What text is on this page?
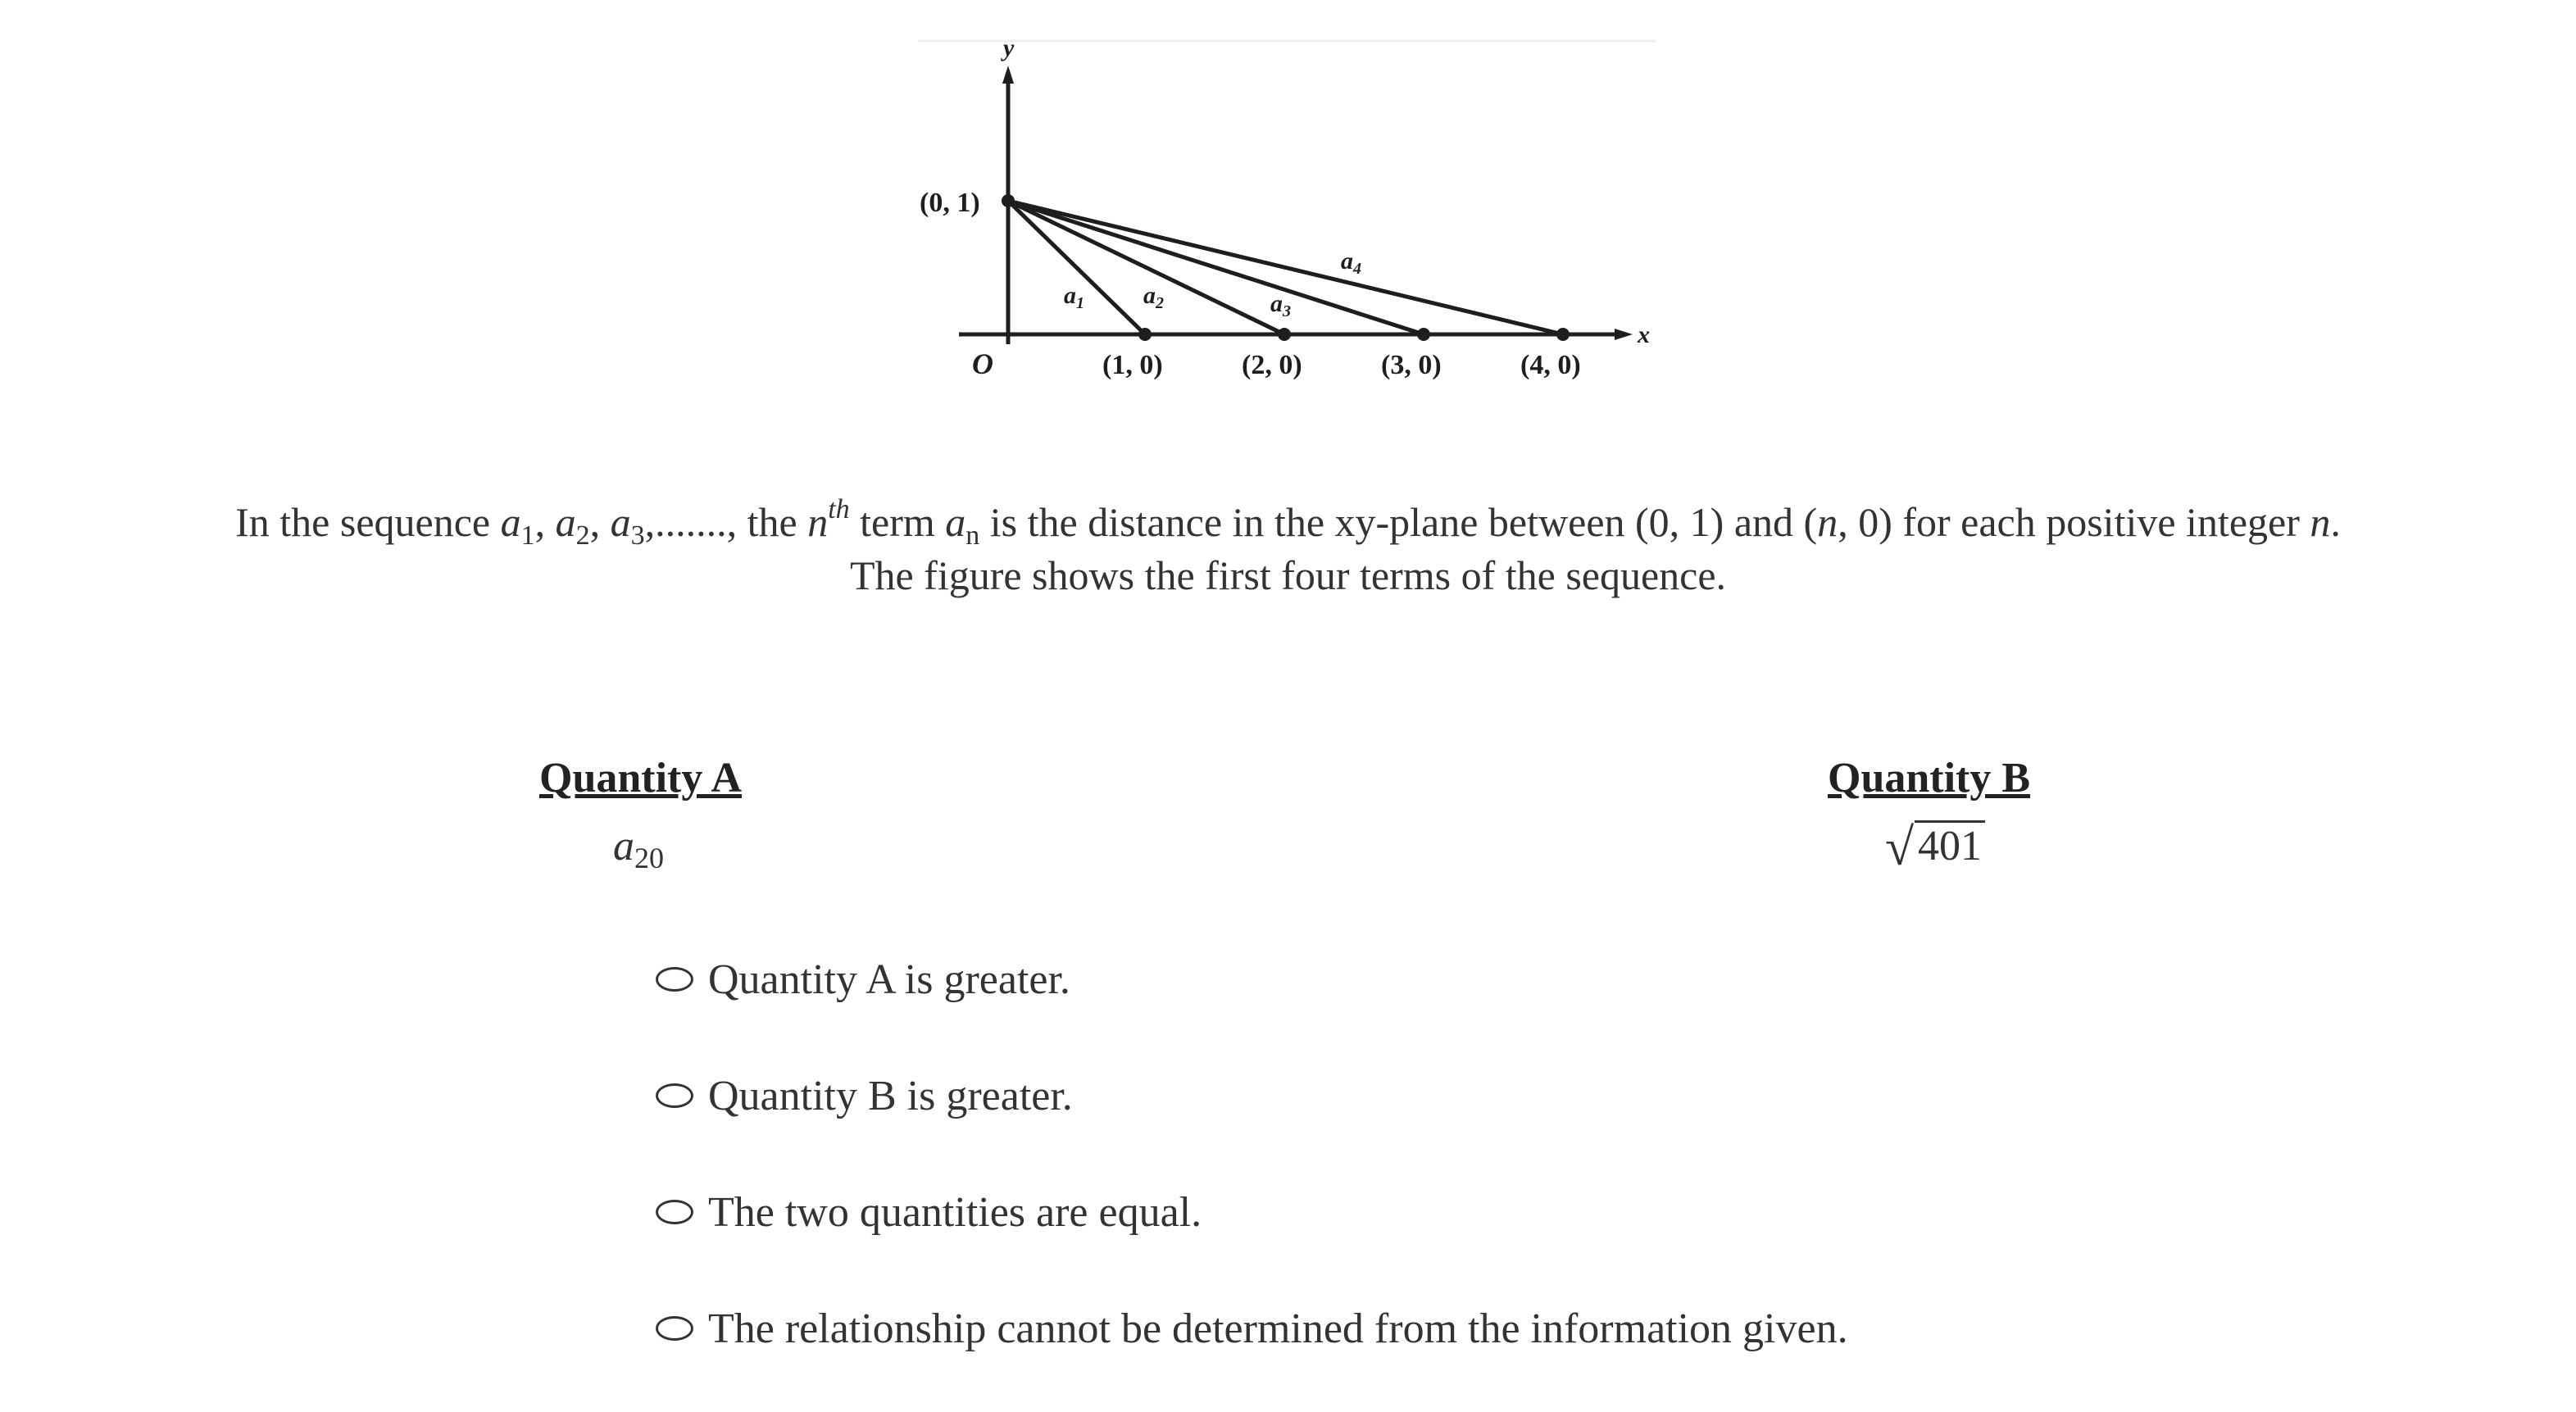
y
x
O
(0, 1)
(1, 0)	(2, 0)	(3, 0)	(4, 0)
$a_1$ $a_2$	$a_3$
$a_4$
In the sequence $a_1$, $a_2$, $a_3$,......., the $n^{th}$ term $a_n$ is the distance in the xy-plane between (0, 1) and (n, 0) for each positive integer n.
The figure shows the first four terms of the sequence.
Quantity A	Quantity B
a20	√ 401
Quantity A is greater.
Quantity B is greater.
The two quantities are equal.
The relationship cannot be determined from the information given.
